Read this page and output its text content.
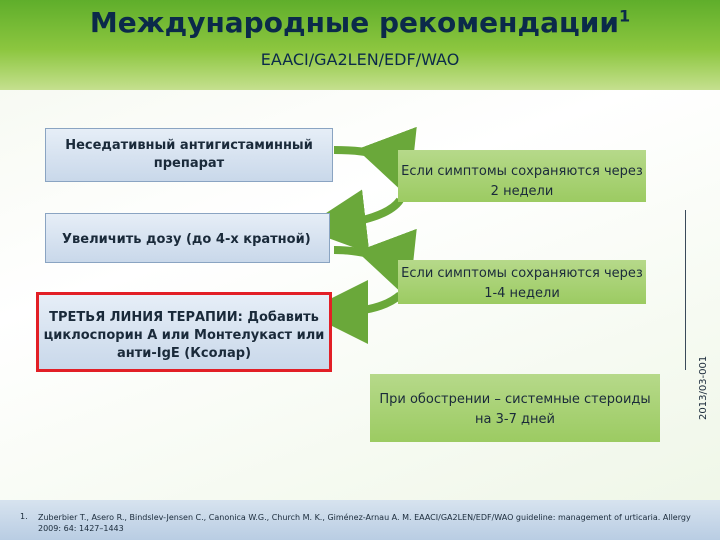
Международные рекомендации$^1$
EAACI/GA2LEN/EDF/WAO
Неседативный антигистаминный препарат
Если симптомы сохраняются через 2 недели
Увеличить дозу (до 4-х кратной)
Если симптомы сохраняются через 1-4 недели
ТРЕТЬЯ ЛИНИЯ ТЕРАПИИ: Добавить циклоспорин А или Монтелукаст или анти-IgE (Ксолар)
При обострении – системные стероиды на 3-7 дней	2013/03-001
1. Zuberbier T., Asero R., Bindslev-Jensen C., Canonica W.G., Church M. K., Giménez-Arnau A. M. EAACI/GA2LEN/EDF/WAO guideline: management of urticaria. Allergy 2009: 64: 1427–1443
